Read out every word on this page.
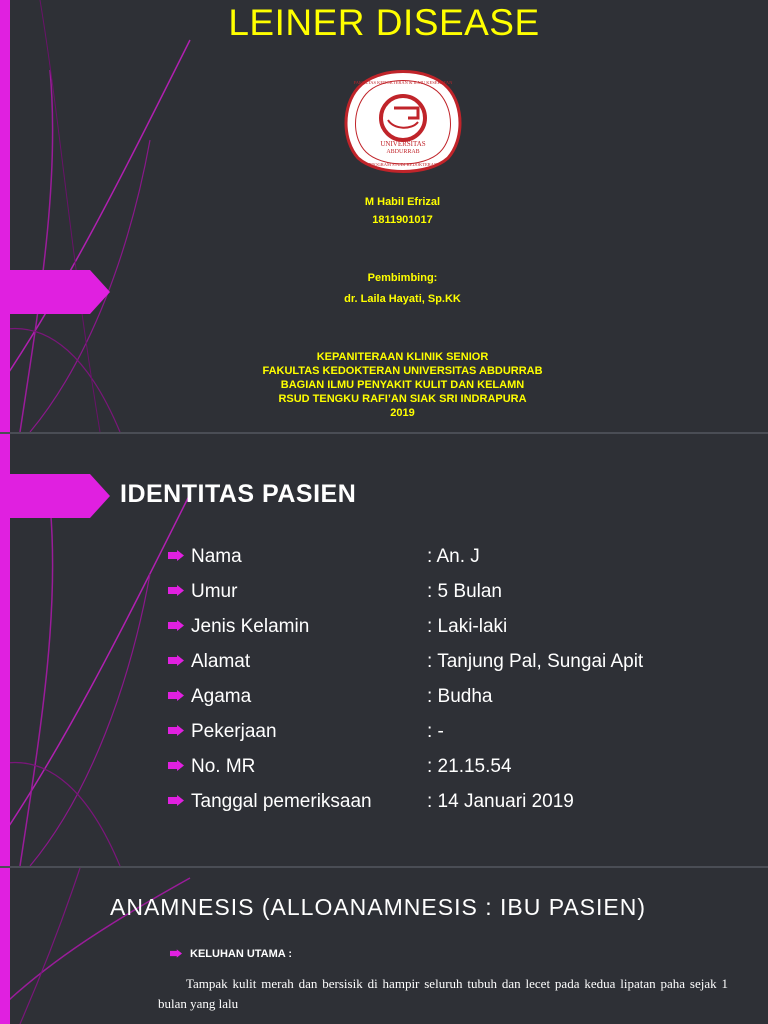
LEINER DISEASE
UNIVERSITAS
ABDURRAB
FAKULTAS KEDOKTERAN & ILMU KESEHATAN
PROGRAM STUDI KEDOKTERAN
M Habil Efrizal
1811901017
Pembimbing:
dr. Laila Hayati, Sp.KK
KEPANITERAAN KLINIK SENIOR
FAKULTAS KEDOKTERAN UNIVERSITAS ABDURRAB
BAGIAN ILMU PENYAKIT KULIT DAN KELAMN
RSUD TENGKU RAFI’AN SIAK SRI INDRAPURA
2019
IDENTITAS PASIEN
Nama	: An. J
Umur	: 5 Bulan
Jenis Kelamin	: Laki-laki
Alamat	: Tanjung Pal, Sungai Apit
Agama	: Budha
Pekerjaan	: -
No. MR	: 21.15.54
Tanggal pemeriksaan	: 14 Januari 2019
ANAMNESIS (ALLOANAMNESIS : IBU PASIEN)
KELUHAN UTAMA :
Tampak kulit merah dan bersisik di hampir seluruh tubuh dan lecet pada kedua lipatan paha sejak 1 bulan yang lalu
